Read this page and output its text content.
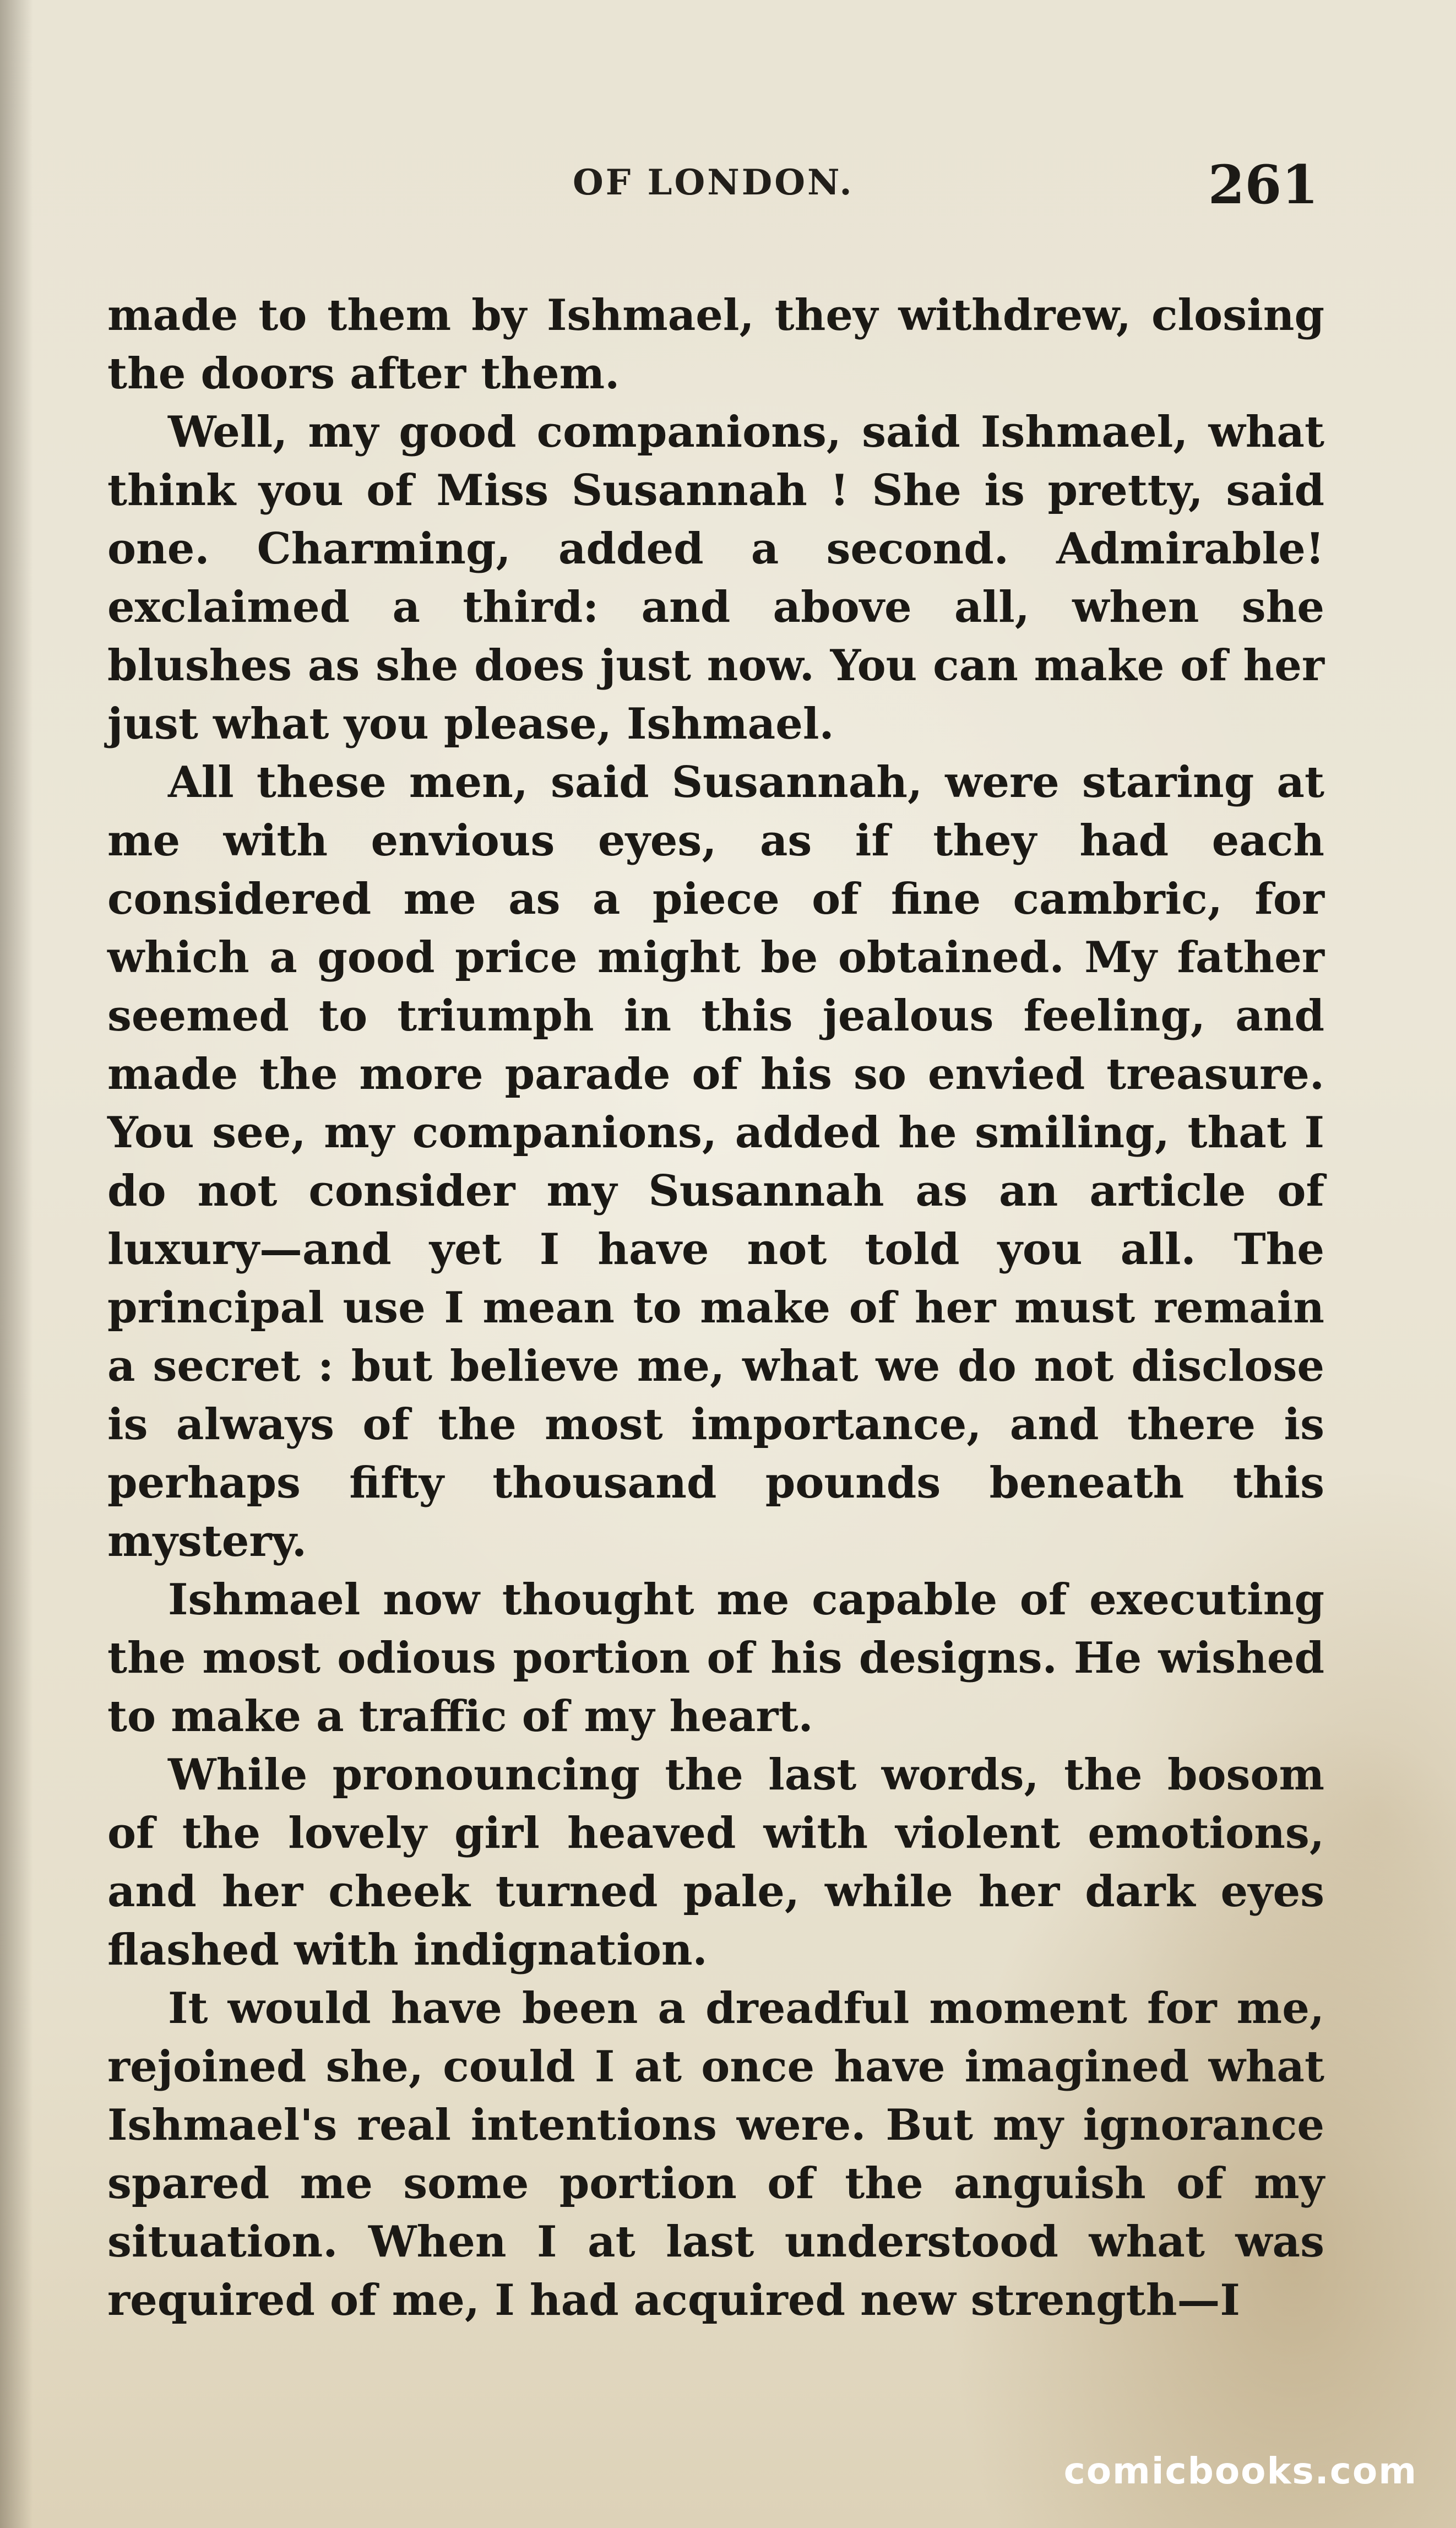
OF LONDON.	261

made to them by Ishmael, they withdrew, closing the doors after them.

Well, my good companions, said Ishmael, what think you of Miss Susannah ! She is pretty, said one. Charming, added a second. Admirable! exclaimed a third: and above all, when she blushes as she does just now. You can make of her just what you please, Ishmael.

All these men, said Susannah, were staring at me with envious eyes, as if they had each considered me as a piece of fine cambric, for which a good price might be obtained. My father seemed to triumph in this jealous feeling, and made the more parade of his so envied treasure. You see, my companions, added he smiling, that I do not consider my Susannah as an article of luxury—and yet I have not told you all. The principal use I mean to make of her must remain a secret : but believe me, what we do not disclose is always of the most importance, and there is perhaps fifty thousand pounds beneath this mystery.

Ishmael now thought me capable of executing the most odious portion of his designs. He wished to make a traffic of my heart.

While pronouncing the last words, the bosom of the lovely girl heaved with violent emotions, and her cheek turned pale, while her dark eyes flashed with indignation.

It would have been a dreadful moment for me, rejoined she, could I at once have imagined what Ishmael's real intentions were. But my ignorance spared me some portion of the anguish of my situation. When I at last understood what was required of me, I had acquired new strength—I

comicbooks.com
